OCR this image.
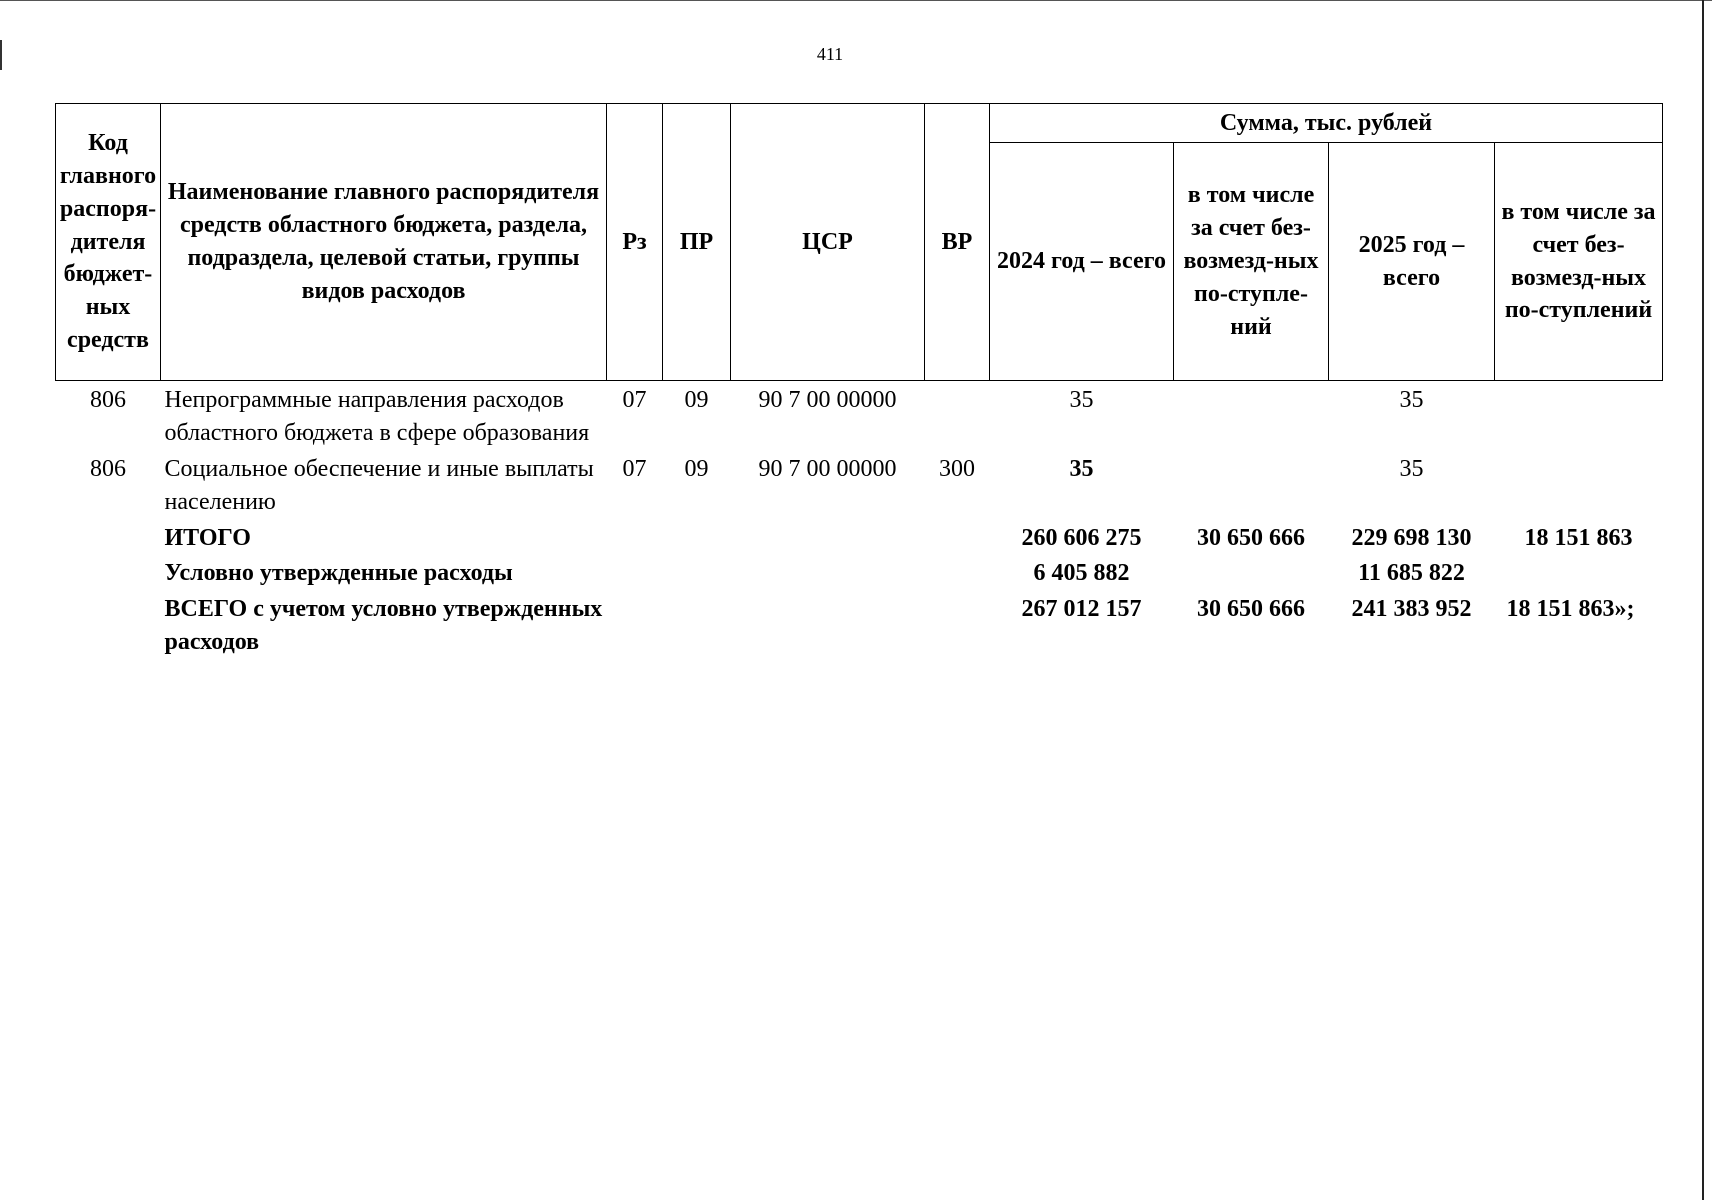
411
Код главного распоря-дителя бюджет-ных средств	Наименование главного распорядителя средств областного бюджета, раздела, подраздела, целевой статьи, группы видов расходов	Рз	ПР	ЦСР	ВР	Сумма, тыс. рублей			
						2024 год – всего	в том числе за счет без-возмезд-ных по-ступле-ний	2025 год – всего	в том числе за счет без-возмезд-ных по-ступлений
806	Непрограммные направления расходов областного бюджета в сфере образования	07	09	90 7 00 00000		35		35	
806	Социальное обеспечение и иные выплаты населению	07	09	90 7 00 00000	300	35		35	
	ИТОГО					260 606 275	30 650 666	229 698 130	18 151 863
	Условно утвержденные расходы					6 405 882		11 685 822	
	ВСЕГО с учетом условно утвержденных расходов					267 012 157	30 650 666	241 383 952	18 151 863»;
